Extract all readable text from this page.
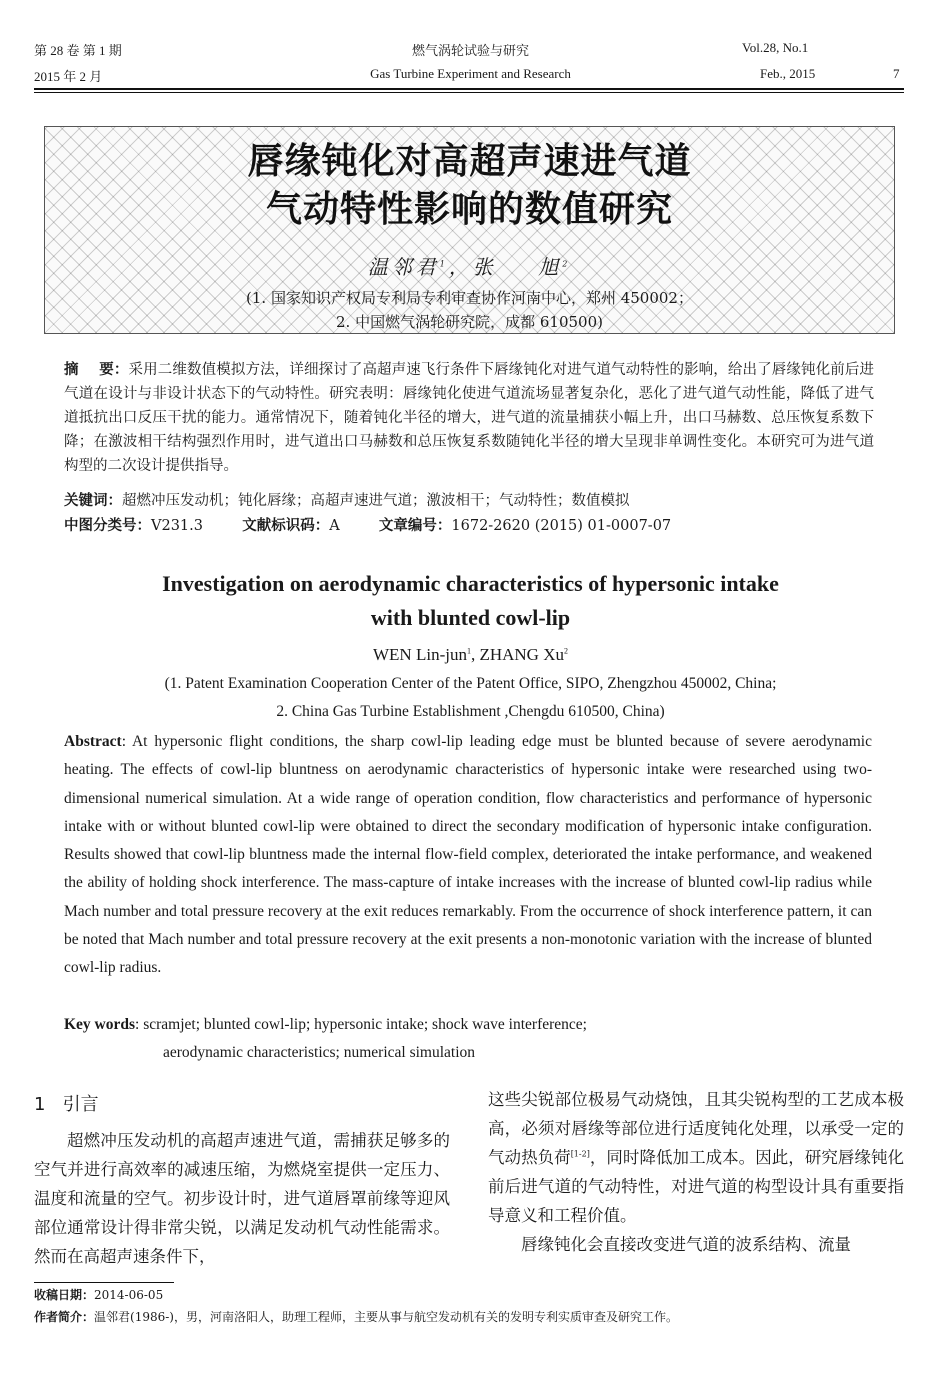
第 28 卷 第 1 期
2015 年 2 月
燃气涡轮试验与研究
Gas Turbine Experiment and Research
Vol.28, No.1
Feb., 2015	7
唇缘钝化对高超声速进气道
气动特性影响的数值研究
温邻君$^1$，张    旭$^2$
(1. 国家知识产权局专利局专利审查协作河南中心，郑州 450002；
2. 中国燃气涡轮研究院，成都 610500)
摘    要：采用二维数值模拟方法，详细探讨了高超声速飞行条件下唇缘钝化对进气道气动特性的影响，给出了唇缘钝化前后进气道在设计与非设计状态下的气动特性。研究表明：唇缘钝化使进气道流场显著复杂化，恶化了进气道气动性能，降低了进气道抵抗出口反压干扰的能力。通常情况下，随着钝化半径的增大，进气道的流量捕获小幅上升，出口马赫数、总压恢复系数下降；在激波相干结构强烈作用时，进气道出口马赫数和总压恢复系数随钝化半径的增大呈现非单调性变化。本研究可为进气道构型的二次设计提供指导。
关键词：超燃冲压发动机；钝化唇缘；高超声速进气道；激波相干；气动特性；数值模拟
中图分类号：V231.3	文献标识码：A	文章编号：1672-2620 (2015) 01-0007-07
Investigation on aerodynamic characteristics of hypersonic intake
with blunted cowl-lip
WEN Lin-jun$^1$, ZHANG Xu$^2$
(1. Patent Examination Cooperation Center of the Patent Office, SIPO, Zhengzhou 450002, China;
2. China Gas Turbine Establishment ,Chengdu 610500, China)
Abstract: At hypersonic flight conditions, the sharp cowl-lip leading edge must be blunted because of severe aerodynamic heating. The effects of cowl-lip bluntness on aerodynamic characteristics of hypersonic intake were researched using two-dimensional numerical simulation. At a wide range of operation condition, flow characteristics and performance of hypersonic intake with or without blunted cowl-lip were obtained to direct the secondary modification of hypersonic intake configuration. Results showed that cowl-lip bluntness made the internal flow-field complex, deteriorated the intake performance, and weakened the ability of holding shock interference. The mass-capture of intake increases with the increase of blunted cowl-lip radius while Mach number and total pressure recovery at the exit reduces remarkably. From the occurrence of shock interference pattern, it can be noted that Mach number and total pressure recovery at the exit presents a non-monotonic variation with the increase of blunted cowl-lip radius.
Key words: scramjet; blunted cowl-lip; hypersonic intake; shock wave interference;
aerodynamic characteristics; numerical simulation
1   引言
超燃冲压发动机的高超声速进气道，需捕获足够多的空气并进行高效率的减速压缩，为燃烧室提供一定压力、温度和流量的空气。初步设计时，进气道唇罩前缘等迎风部位通常设计得非常尖锐，以满足发动机气动性能需求。然而在高超声速条件下，
这些尖锐部位极易气动烧蚀，且其尖锐构型的工艺成本极高，必须对唇缘等部位进行适度钝化处理，以承受一定的气动热负荷[1-2]，同时降低加工成本。因此，研究唇缘钝化前后进气道的气动特性，对进气道的构型设计具有重要指导意义和工程价值。
唇缘钝化会直接改变进气道的波系结构、流量
收稿日期：2014-06-05
作者简介：温邻君(1986-)，男，河南洛阳人，助理工程师，主要从事与航空发动机有关的发明专利实质审查及研究工作。
